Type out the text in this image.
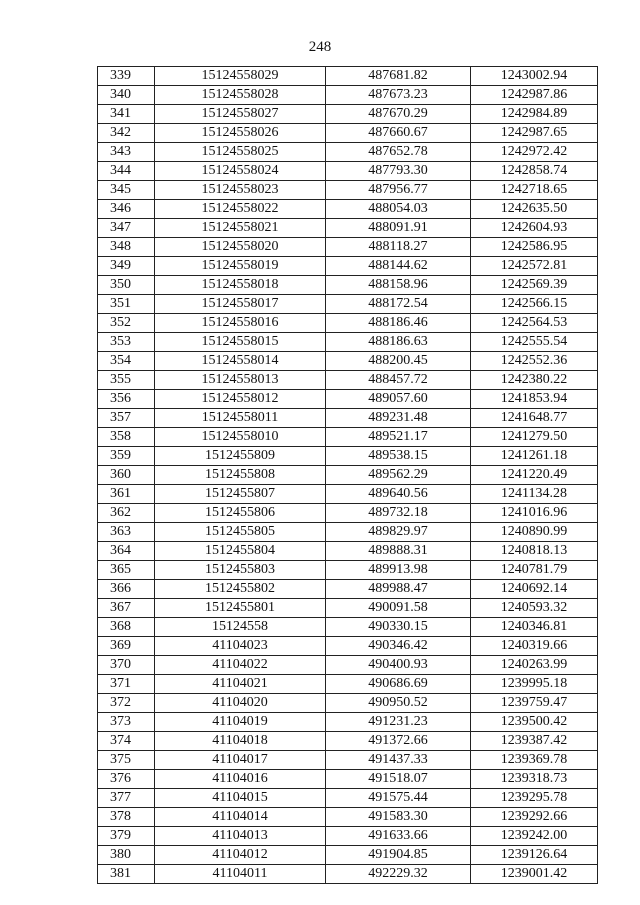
248
339	15124558029	487681.82	1243002.94
340	15124558028	487673.23	1242987.86
341	15124558027	487670.29	1242984.89
342	15124558026	487660.67	1242987.65
343	15124558025	487652.78	1242972.42
344	15124558024	487793.30	1242858.74
345	15124558023	487956.77	1242718.65
346	15124558022	488054.03	1242635.50
347	15124558021	488091.91	1242604.93
348	15124558020	488118.27	1242586.95
349	15124558019	488144.62	1242572.81
350	15124558018	488158.96	1242569.39
351	15124558017	488172.54	1242566.15
352	15124558016	488186.46	1242564.53
353	15124558015	488186.63	1242555.54
354	15124558014	488200.45	1242552.36
355	15124558013	488457.72	1242380.22
356	15124558012	489057.60	1241853.94
357	15124558011	489231.48	1241648.77
358	15124558010	489521.17	1241279.50
359	1512455809	489538.15	1241261.18
360	1512455808	489562.29	1241220.49
361	1512455807	489640.56	1241134.28
362	1512455806	489732.18	1241016.96
363	1512455805	489829.97	1240890.99
364	1512455804	489888.31	1240818.13
365	1512455803	489913.98	1240781.79
366	1512455802	489988.47	1240692.14
367	1512455801	490091.58	1240593.32
368	15124558	490330.15	1240346.81
369	41104023	490346.42	1240319.66
370	41104022	490400.93	1240263.99
371	41104021	490686.69	1239995.18
372	41104020	490950.52	1239759.47
373	41104019	491231.23	1239500.42
374	41104018	491372.66	1239387.42
375	41104017	491437.33	1239369.78
376	41104016	491518.07	1239318.73
377	41104015	491575.44	1239295.78
378	41104014	491583.30	1239292.66
379	41104013	491633.66	1239242.00
380	41104012	491904.85	1239126.64
381	41104011	492229.32	1239001.42
